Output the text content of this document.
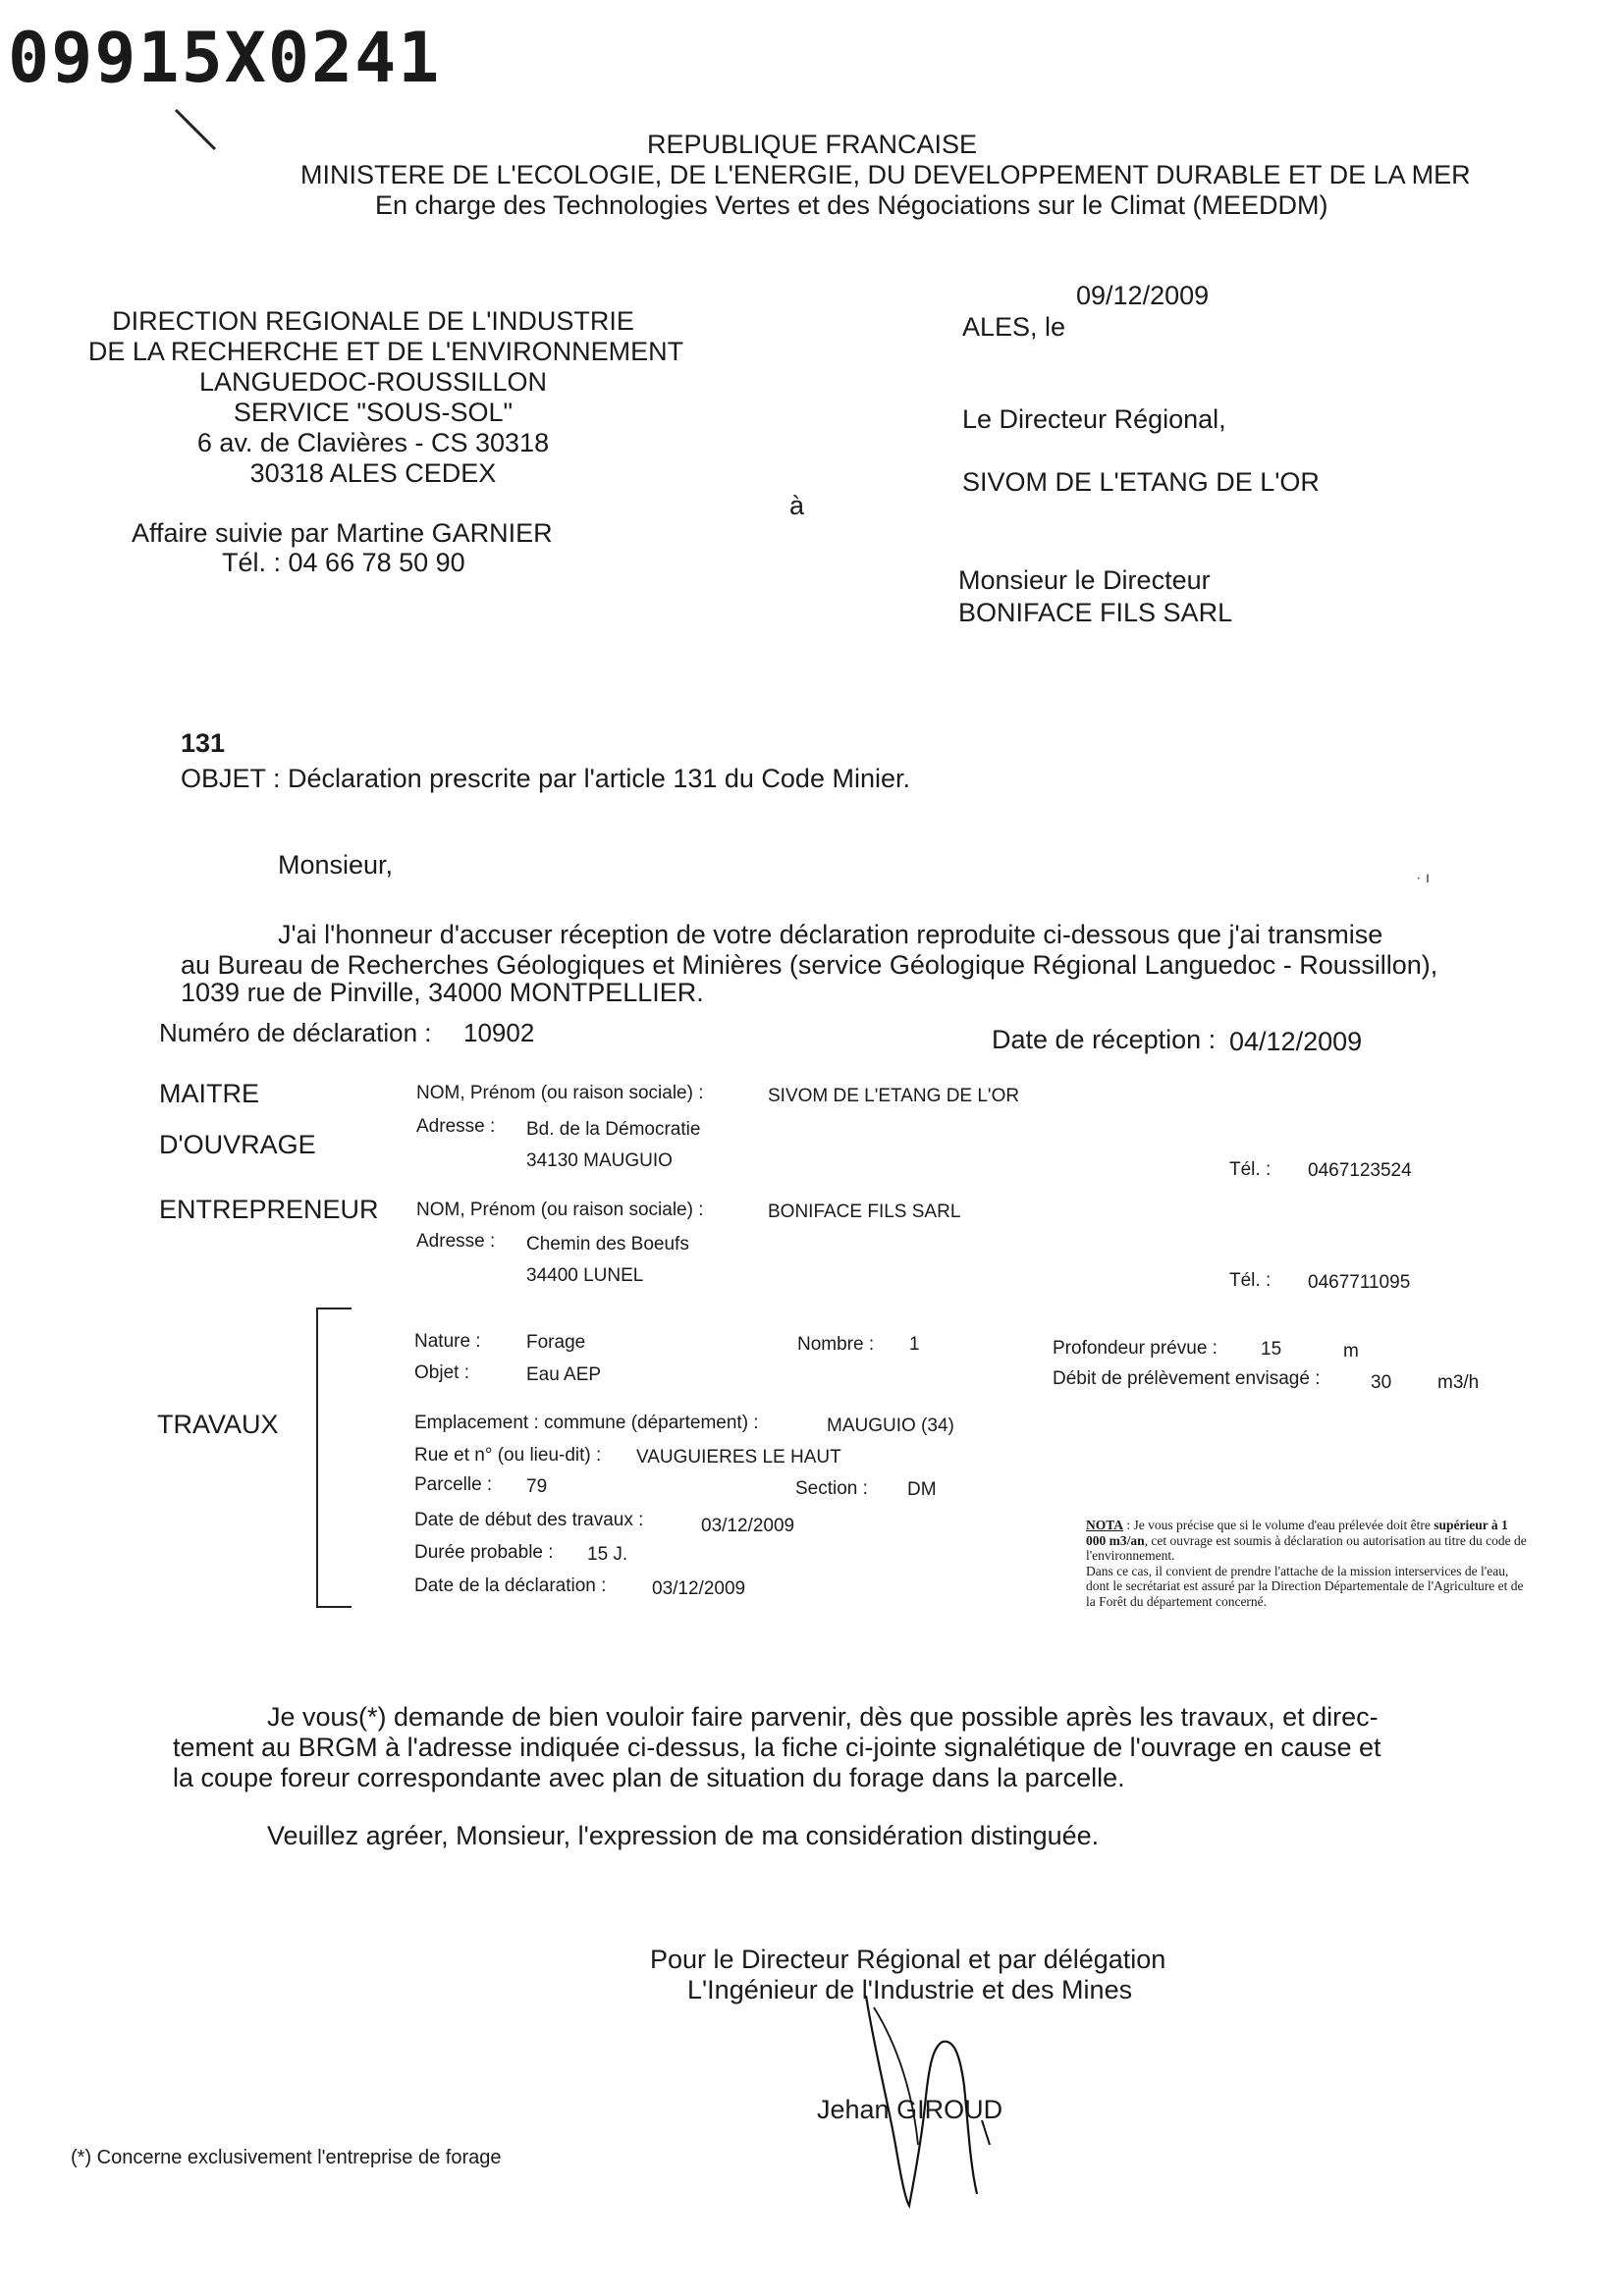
09915X0241
REPUBLIQUE FRANCAISE
MINISTERE DE L'ECOLOGIE, DE L'ENERGIE, DU DEVELOPPEMENT DURABLE ET DE LA MER
En charge des Technologies Vertes et des Négociations sur le Climat (MEEDDM)
DIRECTION REGIONALE DE L'INDUSTRIE
DE LA RECHERCHE ET DE L'ENVIRONNEMENT
LANGUEDOC-ROUSSILLON
SERVICE "SOUS-SOL"
6 av. de Clavières - CS 30318
30318 ALES CEDEX
Affaire suivie par Martine GARNIER
Tél. : 04 66 78 50 90
à
09/12/2009
ALES, le
Le Directeur Régional,
SIVOM DE L'ETANG DE L'OR
Monsieur le Directeur
BONIFACE FILS SARL
131
OBJET : Déclaration prescrite par l'article 131 du Code Minier.
Monsieur,
J'ai l'honneur d'accuser réception de votre déclaration reproduite ci-dessous que j'ai transmise
au Bureau de Recherches Géologiques et Minières (service Géologique Régional Languedoc - Roussillon),
1039 rue de Pinville, 34000 MONTPELLIER.
Numéro de déclaration : 10902	Date de réception : 04/12/2009
MAITRE
D'OUVRAGE
NOM, Prénom (ou raison sociale) :	SIVOM DE L'ETANG DE L'OR
Adresse : Bd. de la Démocratie
34130 MAUGUIO	Tél. : 0467123524
ENTREPRENEUR NOM, Prénom (ou raison sociale) :	BONIFACE FILS SARL
Adresse : Chemin des Boeufs
34400 LUNEL	Tél. : 0467711095
TRAVAUX
Nature : Forage	Nombre : 1	Profondeur prévue : 15	m
Objet :	Eau AEP	Débit de prélèvement envisagé :	30 m3/h
Emplacement : commune (département) :	MAUGUIO (34)
Rue et n° (ou lieu-dit) : VAUGUIERES LE HAUT
Parcelle : 79	Section : DM
Date de début des travaux :	03/12/2009
Durée probable : 15 J.
Date de la déclaration : 03/12/2009
NOTA : Je vous précise que si le volume d'eau prélevée doit être supérieur à 1 000 m3/an, cet ouvrage est soumis à déclaration ou autorisation au titre du code de l'environnement.
Dans ce cas, il convient de prendre l'attache de la mission interservices de l'eau, dont le secrétariat est assuré par la Direction Départementale de l'Agriculture et de la Forêt du département concerné.
Je vous(*) demande de bien vouloir faire parvenir, dès que possible après les travaux, et direc-
tement au BRGM à l'adresse indiquée ci-dessus, la fiche ci-jointe signalétique de l'ouvrage en cause et
la coupe foreur correspondante avec plan de situation du forage dans la parcelle.
Veuillez agréer, Monsieur, l'expression de ma considération distinguée.
Pour le Directeur Régional et par délégation
L'Ingénieur de l'Industrie et des Mines
Jehan GIROUD
(*) Concerne exclusivement l'entreprise de forage
· ı
